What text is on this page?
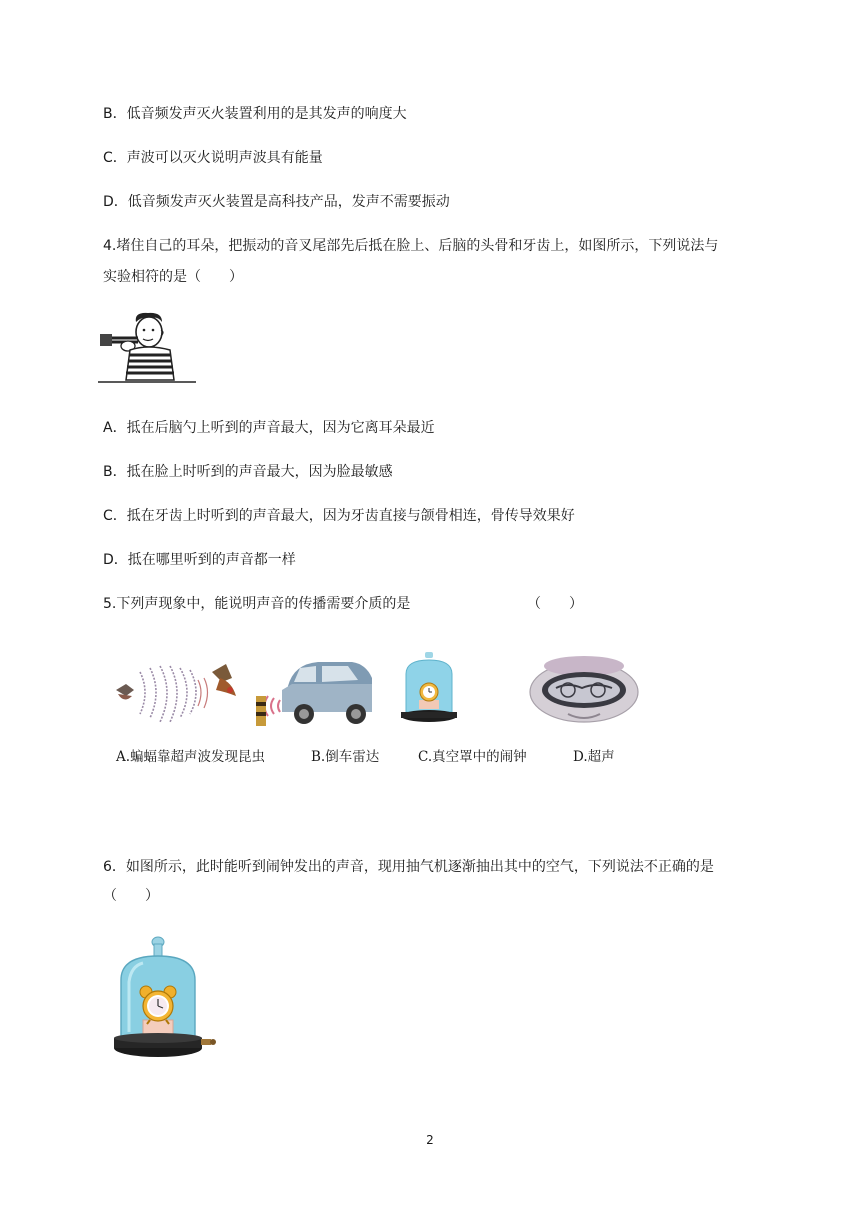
B．低音频发声灭火装置利用的是其发声的响度大
C．声波可以灭火说明声波具有能量
D．低音频发声灭火装置是高科技产品，发声不需要振动
4.堵住自己的耳朵，把振动的音叉尾部先后抵在脸上、后脑的头骨和牙齿上，如图所示，下列说法与
实验相符的是（　　）
A．抵在后脑勺上听到的声音最大，因为它离耳朵最近
B．抵在脸上时听到的声音最大，因为脸最敏感
C．抵在牙齿上时听到的声音最大，因为牙齿直接与颌骨相连，骨传导效果好
D．抵在哪里听到的声音都一样
5.下列声现象中，能说明声音的传播需要介质的是	（　　）
A.蝙蝠靠超声波发现昆虫	B.倒车雷达	C.真空罩中的闹钟	D.超声
6．如图所示，此时能听到闹钟发出的声音，现用抽气机逐渐抽出其中的空气，下列说法不正确的是
（　　）
2
